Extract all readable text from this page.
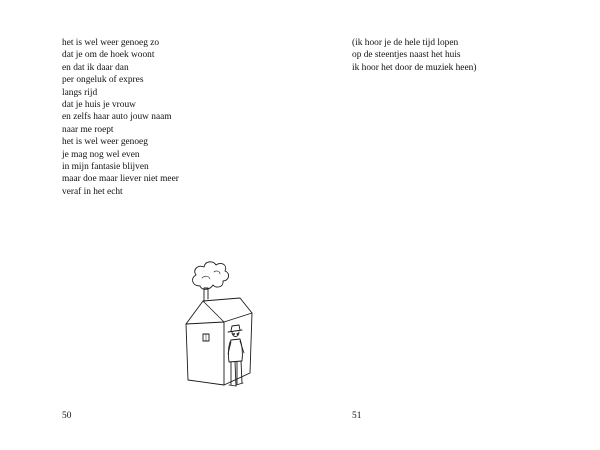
het is wel weer genoeg zo
dat je om de hoek woont
en dat ik daar dan
per ongeluk of expres
langs rijd
dat je huis je vrouw
en zelfs haar auto jouw naam
naar me roept
het is wel weer genoeg
je mag nog wel even
in mijn fantasie blijven
maar doe maar liever niet meer
veraf in het echt
50
(ik hoor je de hele tijd lopen
op de steentjes naast het huis
ik hoor het door de muziek heen)
51
